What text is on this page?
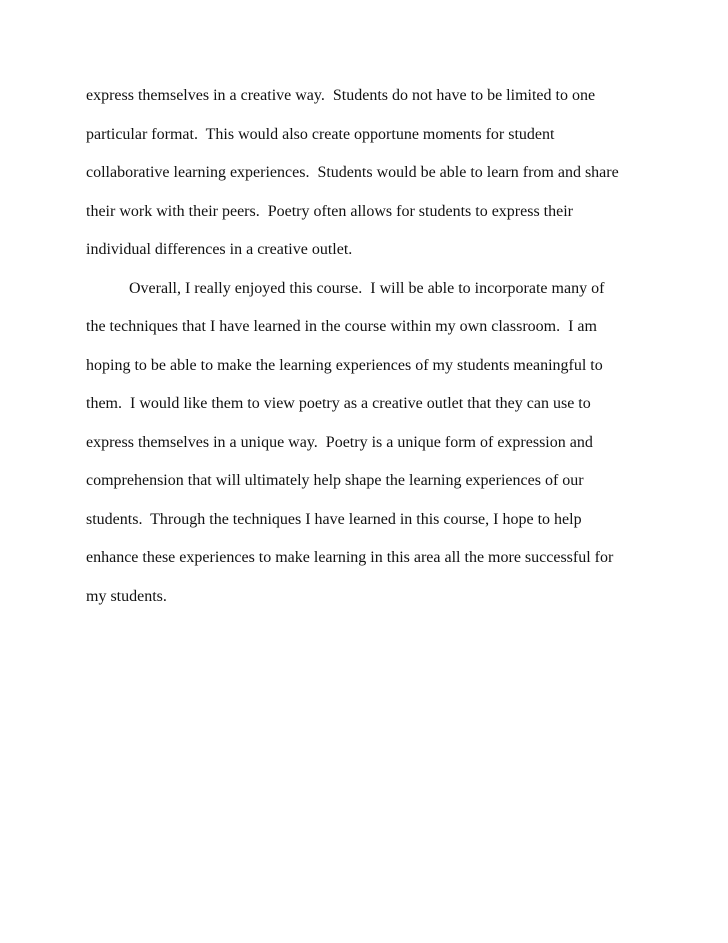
express themselves in a creative way.  Students do not have to be limited to one
particular format.  This would also create opportune moments for student
collaborative learning experiences.  Students would be able to learn from and share
their work with their peers.  Poetry often allows for students to express their
individual differences in a creative outlet.
Overall, I really enjoyed this course.  I will be able to incorporate many of
the techniques that I have learned in the course within my own classroom.  I am
hoping to be able to make the learning experiences of my students meaningful to
them.  I would like them to view poetry as a creative outlet that they can use to
express themselves in a unique way.  Poetry is a unique form of expression and
comprehension that will ultimately help shape the learning experiences of our
students.  Through the techniques I have learned in this course, I hope to help
enhance these experiences to make learning in this area all the more successful for
my students.
